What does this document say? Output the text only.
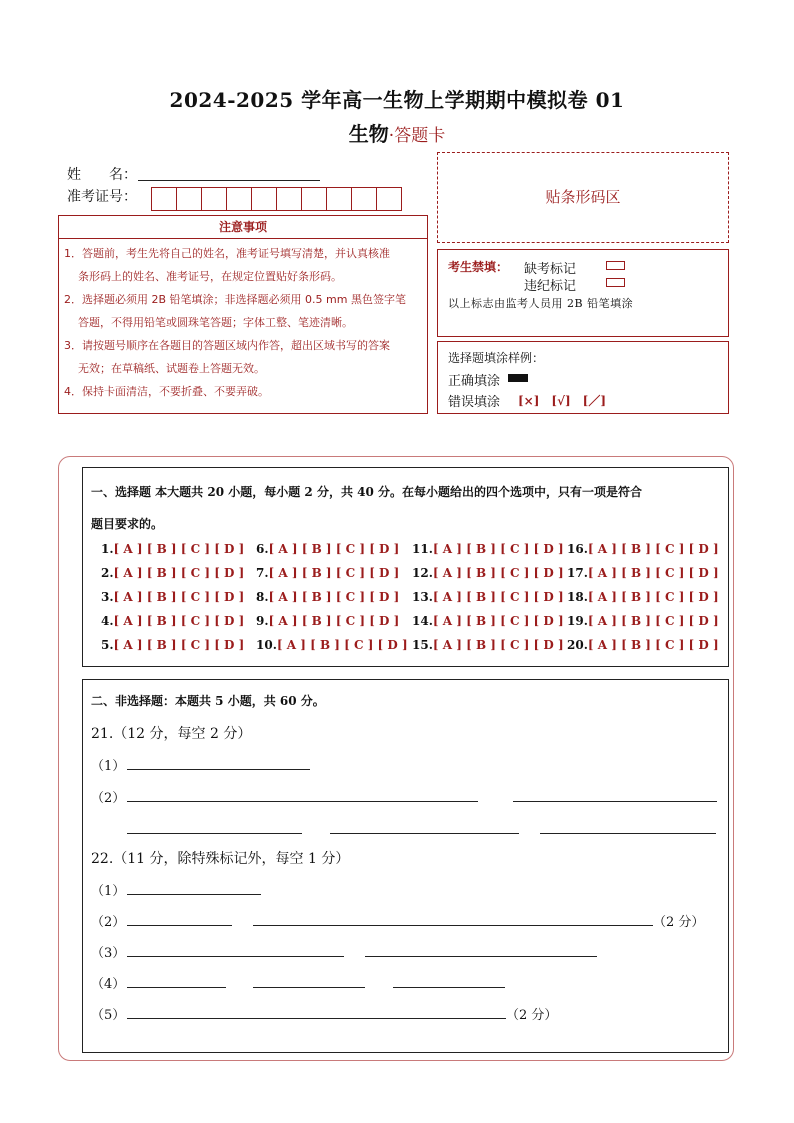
2024-2025 学年高一生物上学期期中模拟卷 01
生物·答题卡
姓　　名：
准考证号：	贴条形码区
注意事项
1．答题前，考生先将自己的姓名，准考证号填写清楚，并认真核准
条形码上的姓名、准考证号，在规定位置贴好条形码。
2．选择题必须用 2B 铅笔填涂；非选择题必须用 0.5 mm 黑色签字笔
答题，不得用铅笔或圆珠笔答题；字体工整、笔迹清晰。
3．请按题号顺序在各题目的答题区域内作答，超出区域书写的答案
无效；在草稿纸、试题卷上答题无效。
4．保持卡面清洁，不要折叠、不要弄破。
考生禁填： 缺考标记
违纪标记
以上标志由监考人员用 2B 铅笔填涂
选择题填涂样例：
正确填涂
错误填涂 [×]　[√]　[／]
一、选择题 本大题共 20 小题，每小题 2 分，共 40 分。在每小题给出的四个选项中，只有一项是符合
题目要求的。
1.[ A ] [ B ] [ C ] [ D ]
2.[ A ] [ B ] [ C ] [ D ]
3.[ A ] [ B ] [ C ] [ D ]
4.[ A ] [ B ] [ C ] [ D ]
5.[ A ] [ B ] [ C ] [ D ]
6.[ A ] [ B ] [ C ] [ D ]
7.[ A ] [ B ] [ C ] [ D ]
8.[ A ] [ B ] [ C ] [ D ]
9.[ A ] [ B ] [ C ] [ D ]
10.[ A ] [ B ] [ C ] [ D ]
11.[ A ] [ B ] [ C ] [ D ]
12.[ A ] [ B ] [ C ] [ D ]
13.[ A ] [ B ] [ C ] [ D ]
14.[ A ] [ B ] [ C ] [ D ]
15.[ A ] [ B ] [ C ] [ D ]
16.[ A ] [ B ] [ C ] [ D ]
17.[ A ] [ B ] [ C ] [ D ]
18.[ A ] [ B ] [ C ] [ D ]
19.[ A ] [ B ] [ C ] [ D ]
20.[ A ] [ B ] [ C ] [ D ]
二、非选择题：本题共 5 小题，共 60 分。
21.（12 分，每空 2 分）
（1）
（2）
22.（11 分，除特殊标记外，每空 1 分）
（1）
（2）	（2 分）
（3）
（4）
（5）	（2 分）
